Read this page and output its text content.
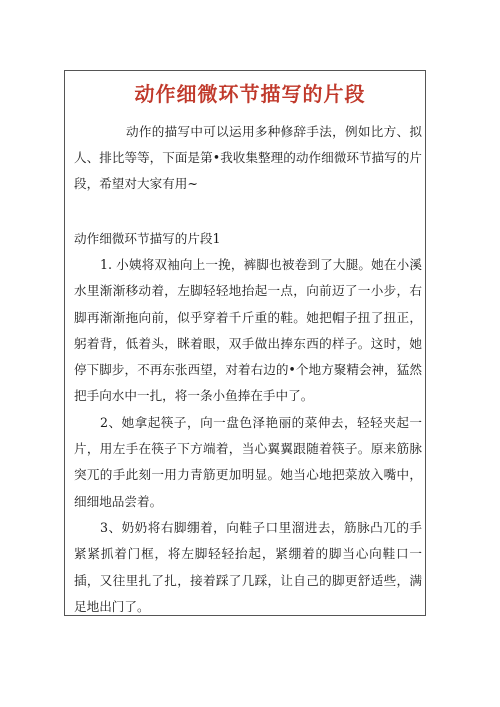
动作细微环节描写的片段

动作的描写中可以运用多种修辞手法，例如比方、拟人、排比等等，下面是第•我收集整理的动作细微环节描写的片段，希望对大家有用~

动作细微环节描写的片段1

1. 小姨将双袖向上一挽，裤脚也被卷到了大腿。她在小溪水里渐渐移动着，左脚轻轻地抬起一点，向前迈了一小步，右脚再渐渐拖向前，似乎穿着千斤重的鞋。她把帽子扭了扭正，躬着背，低着头，眯着眼，双手做出捧东西的样子。这时，她停下脚步，不再东张西望，对着右边的•个地方聚精会神，猛然把手向水中一扎，将一条小鱼捧在手中了。

2、她拿起筷子，向一盘色泽艳丽的菜伸去，轻轻夹起一片，用左手在筷子下方端着，当心翼翼跟随着筷子。原来筋脉突兀的手此刻一用力青筋更加明显。她当心地把菜放入嘴中，细细地品尝着。

3、奶奶将右脚绷着，向鞋子口里溜进去，筋脉凸兀的手紧紧抓着门框，将左脚轻轻抬起，紧绷着的脚当心向鞋口一插，又往里扎了扎，接着踩了几踩，让自己的脚更舒适些，满足地出门了。
